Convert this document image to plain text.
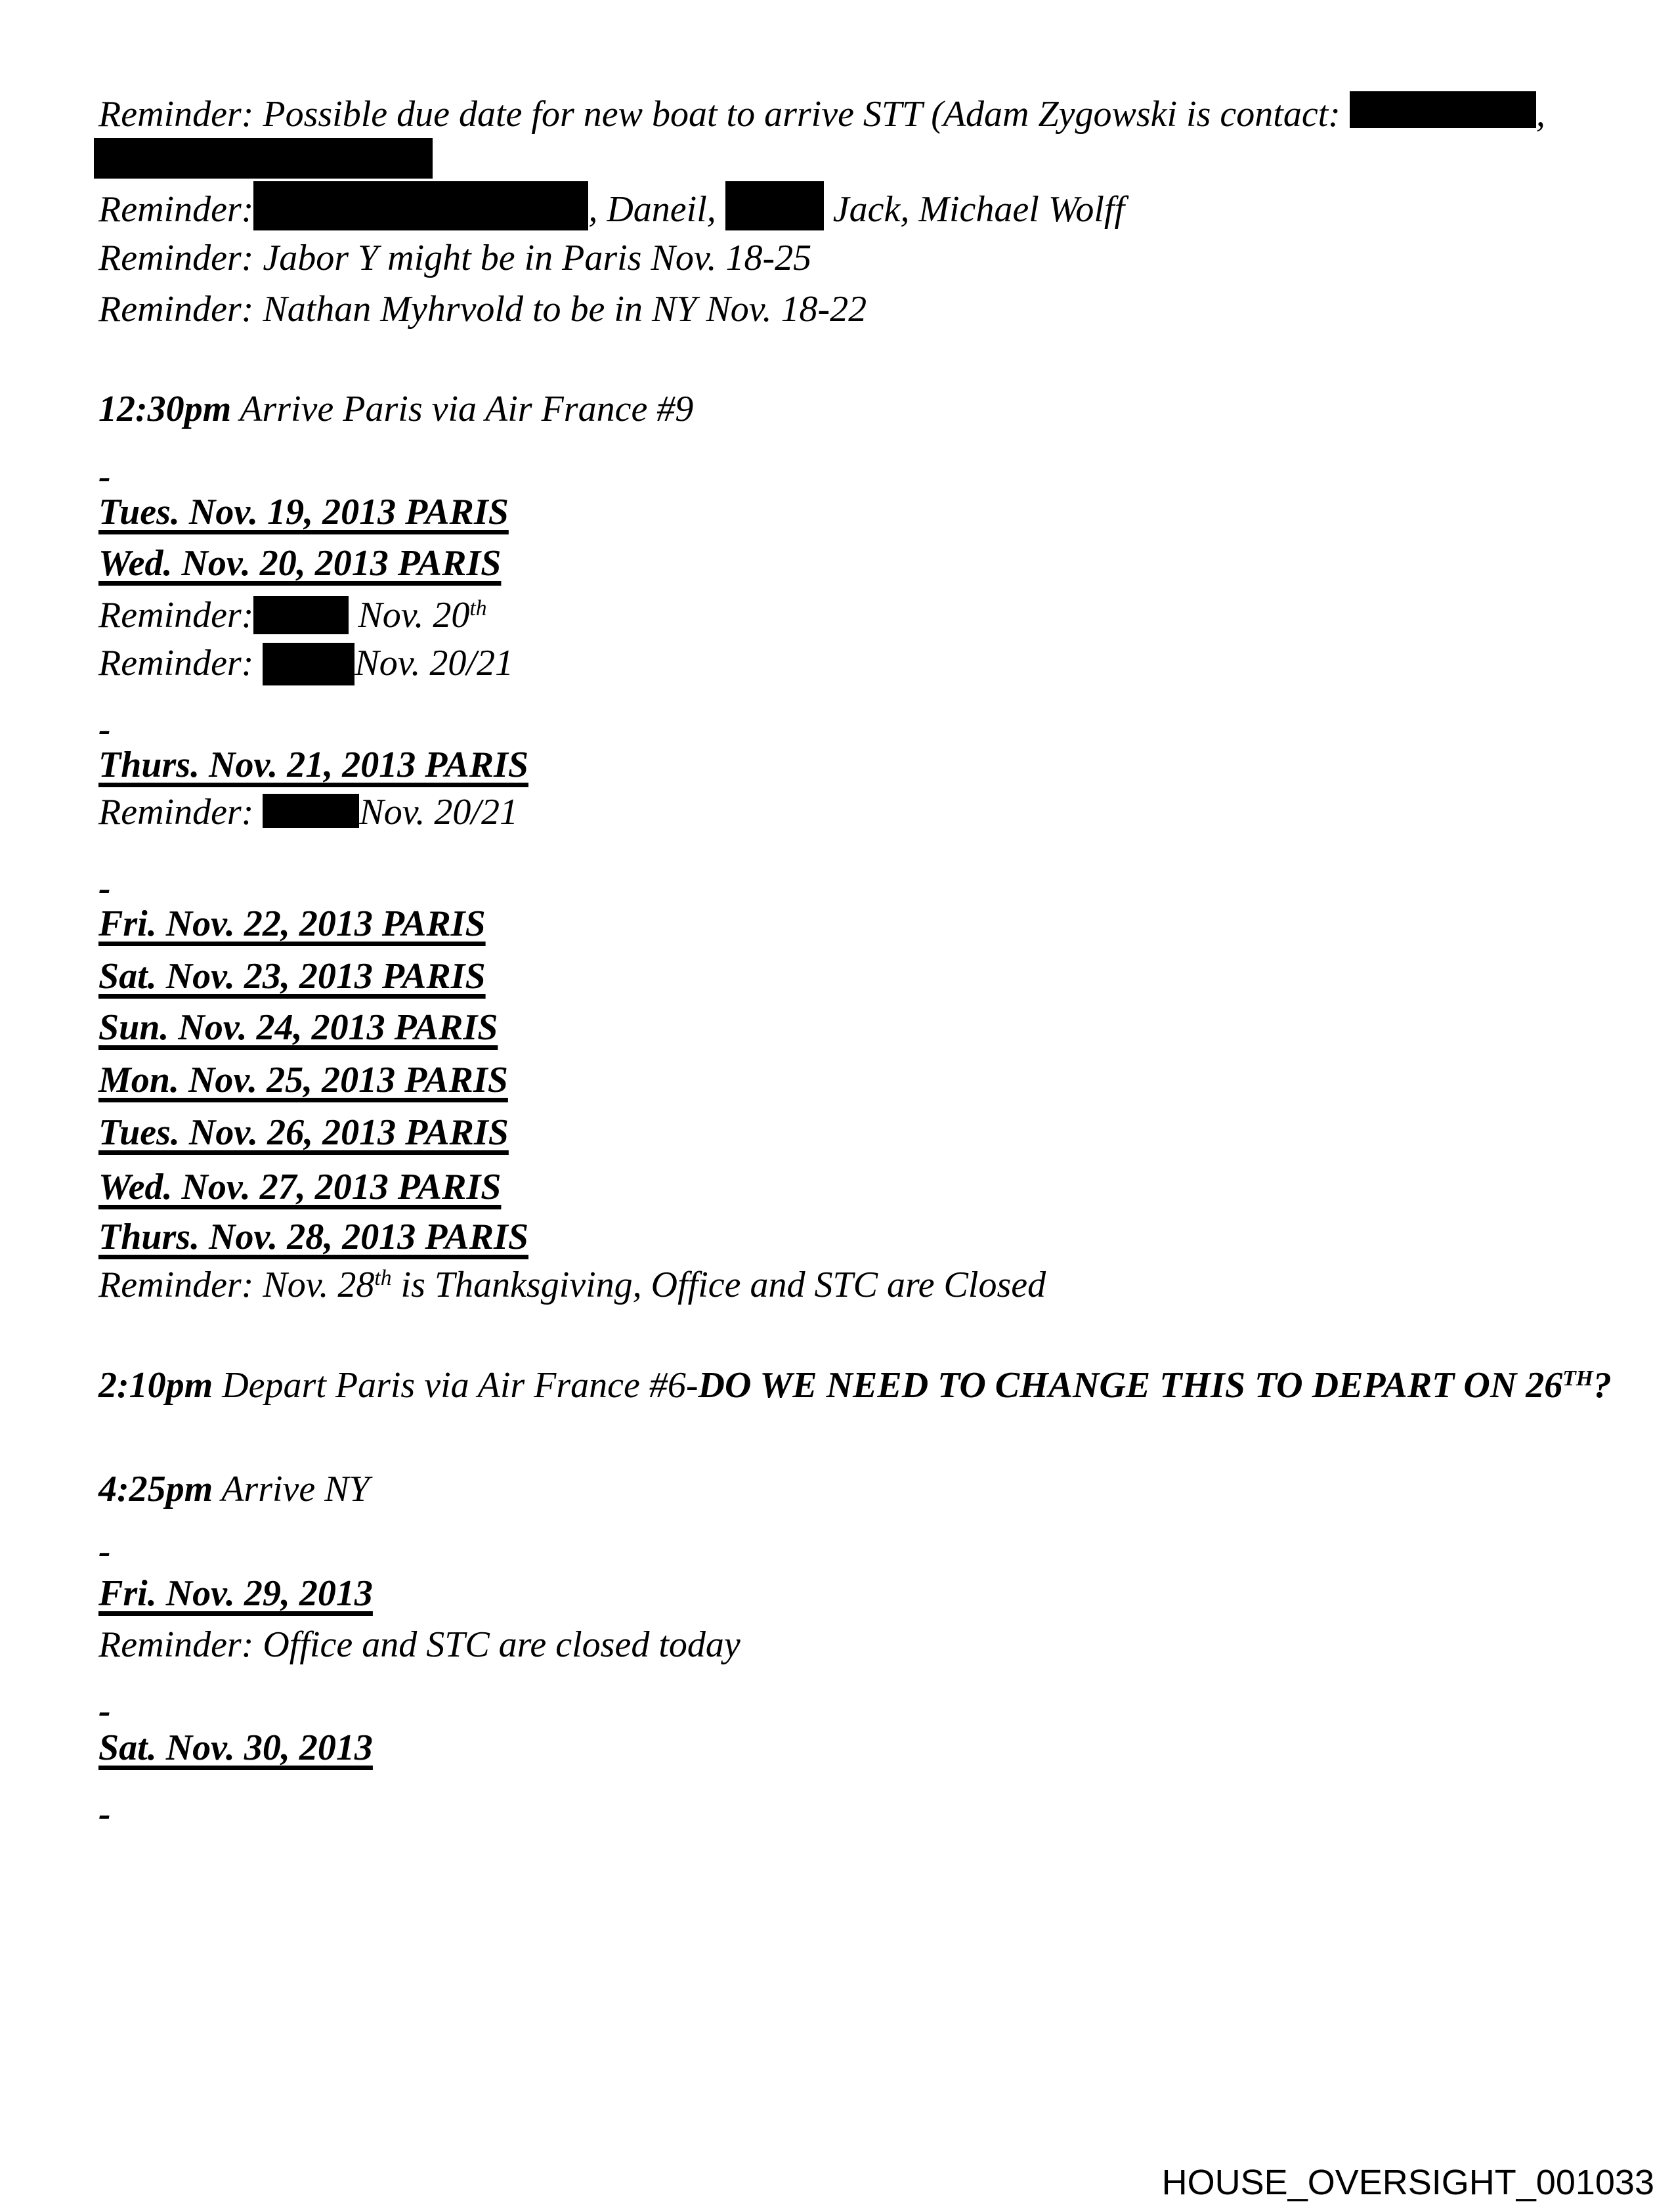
Reminder: Possible due date for new boat to arrive STT (Adam Zygowski is contact:	,
Reminder:	, Daneil,	Jack, Michael Wolff
Reminder: Jabor Y might be in Paris Nov. 18-25
Reminder: Nathan Myhrvold to be in NY Nov. 18-22
12:30pm Arrive Paris via Air France #9
-
Tues. Nov. 19, 2013 PARIS
Wed. Nov. 20, 2013 PARIS
Reminder:	Nov. 20th
Reminder:	Nov. 20/21
-
Thurs. Nov. 21, 2013 PARIS
Reminder:	Nov. 20/21
-
Fri. Nov. 22, 2013 PARIS
Sat. Nov. 23, 2013 PARIS
Sun. Nov. 24, 2013 PARIS
Mon. Nov. 25, 2013 PARIS
Tues. Nov. 26, 2013 PARIS
Wed. Nov. 27, 2013 PARIS
Thurs. Nov. 28, 2013 PARIS
Reminder: Nov. 28th is Thanksgiving, Office and STC are Closed
2:10pm Depart Paris via Air France #6-DO WE NEED TO CHANGE THIS TO DEPART ON 26TH?
4:25pm Arrive NY
-
Fri. Nov. 29, 2013
Reminder: Office and STC are closed today
-
Sat. Nov. 30, 2013
-
HOUSE_OVERSIGHT_001033
